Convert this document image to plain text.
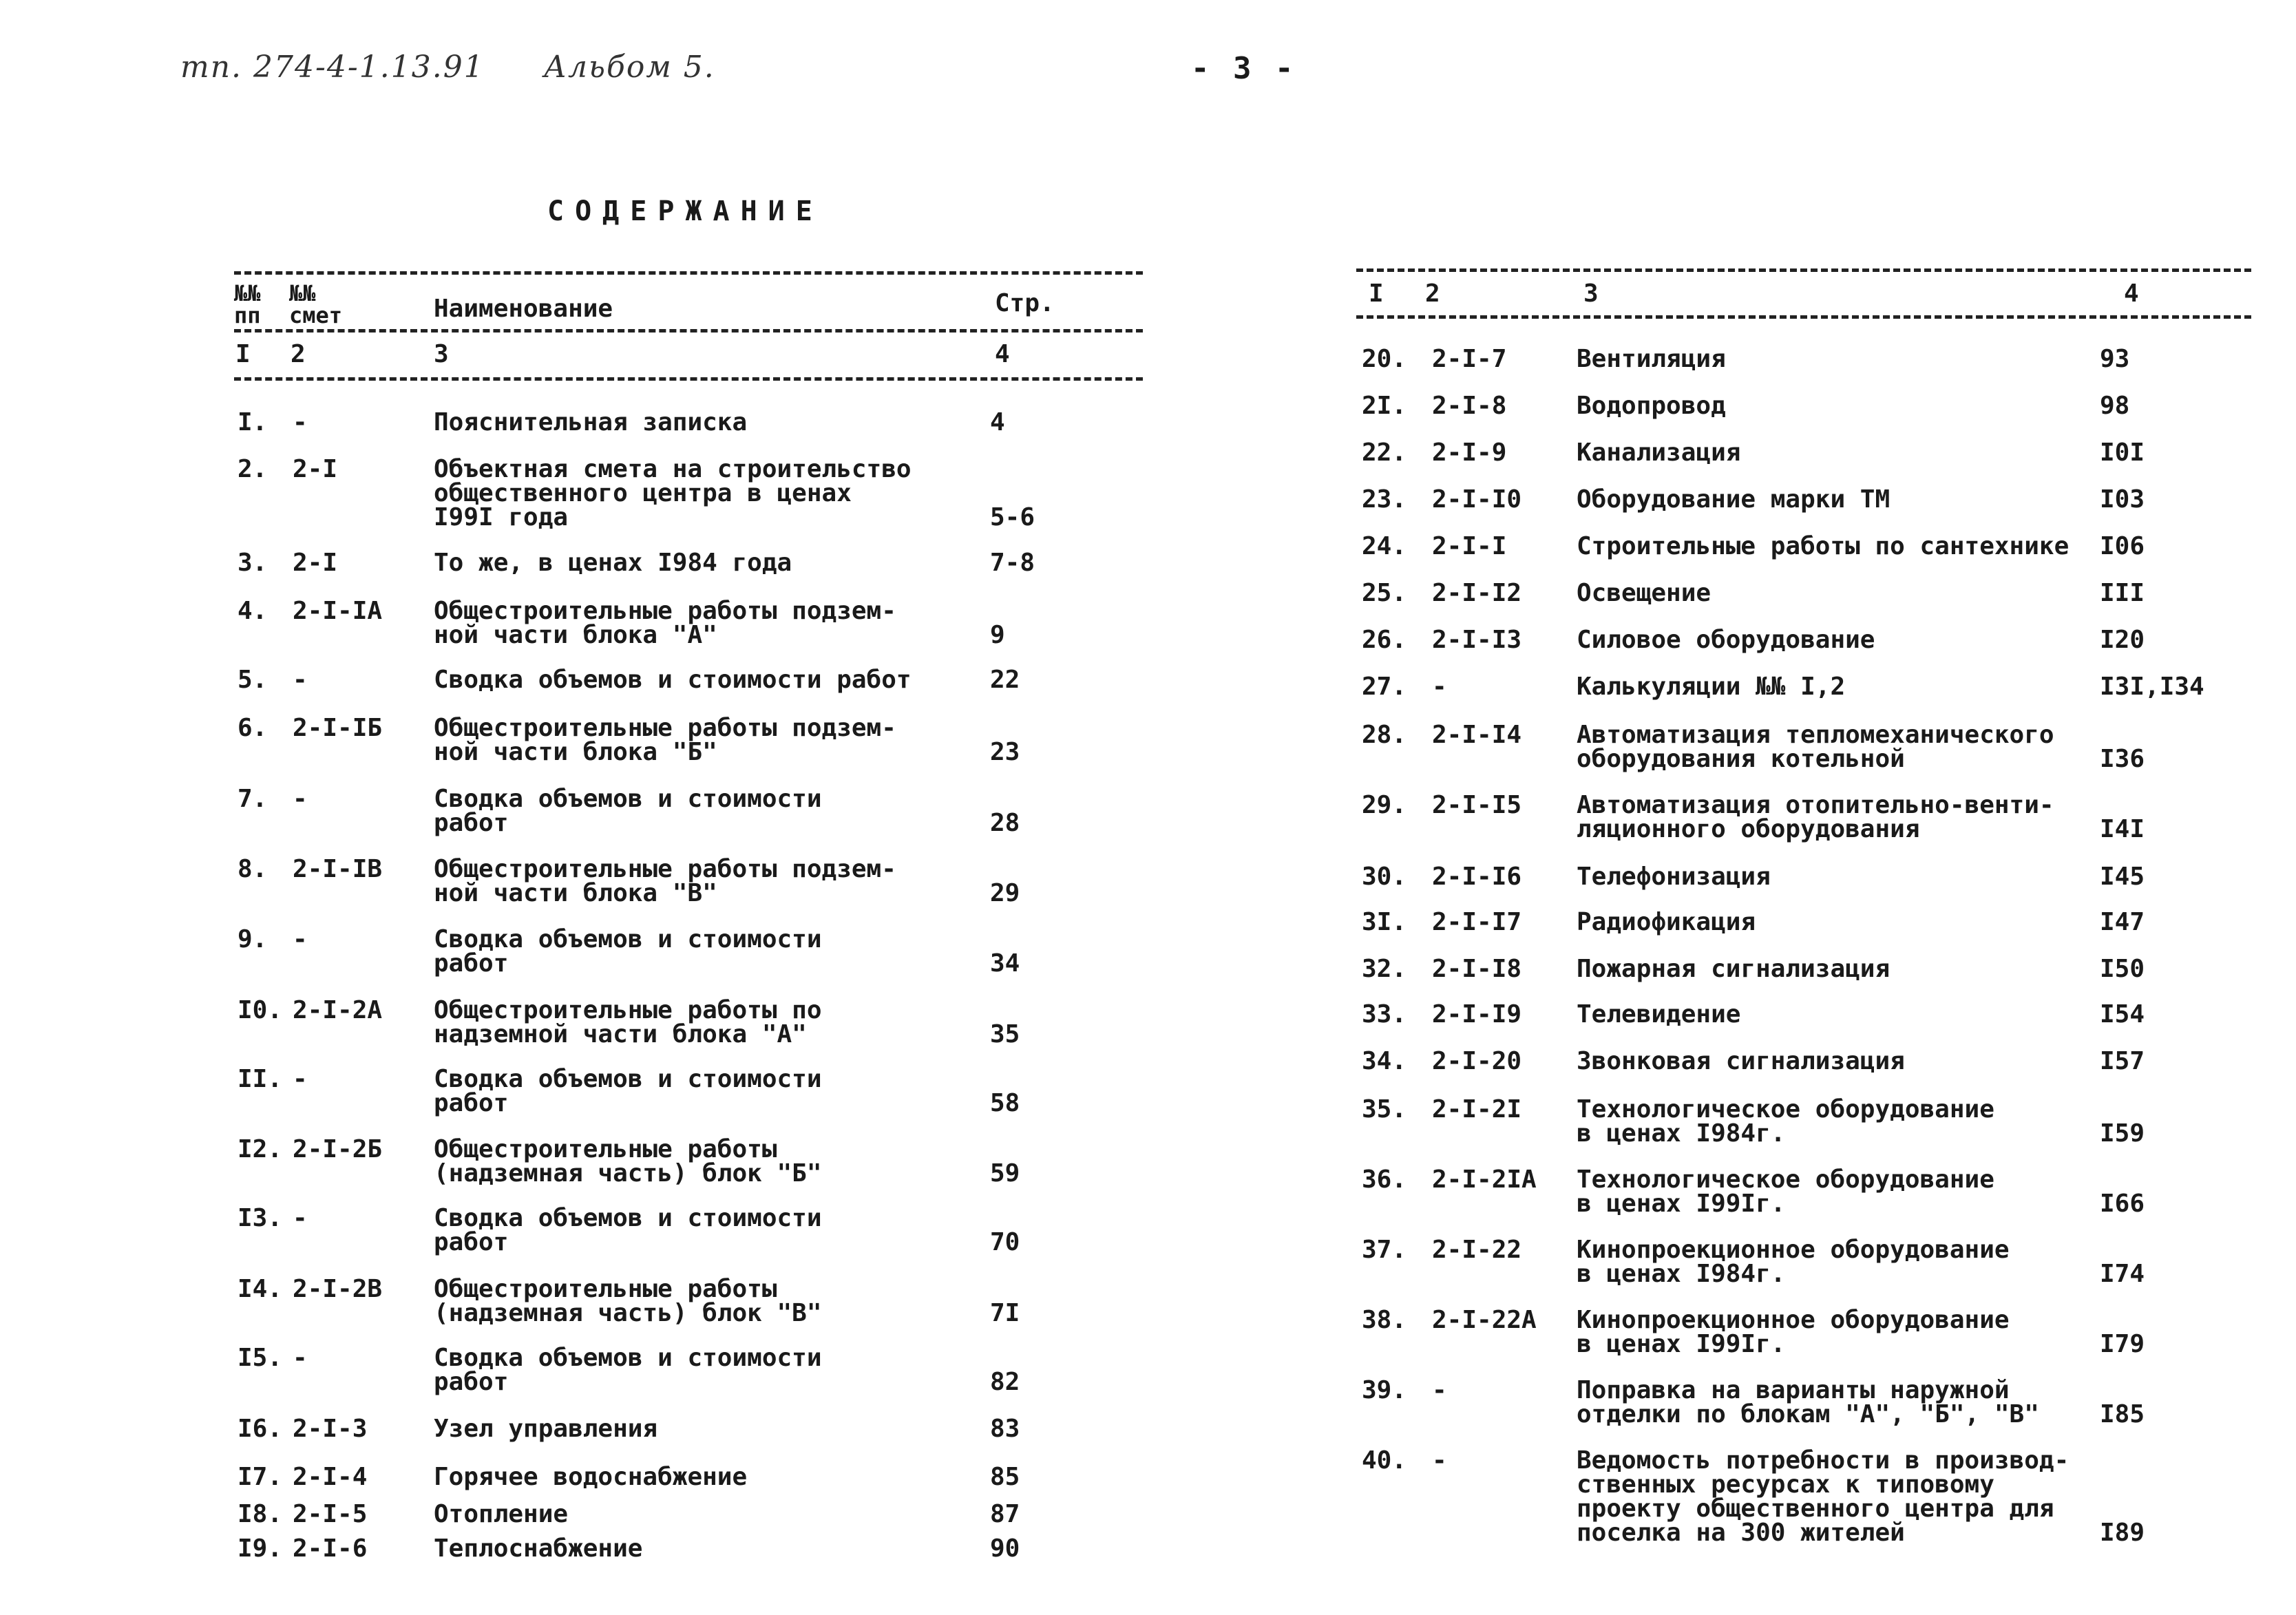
тп. 274-4-1.13.91 Альбом 5.	- 3 -
СОДЕРЖАНИЕ
№№
пп
№№
смет	Наименование	Стр.
I 2	3	4
I 2	3	4
I. -	Пояснительная записка	4
2. 2-I	Объектная смета на строительство
общественного центра в ценах
I99I года	5-6
3. 2-I	То же, в ценах I984 года	7-8
4. 2-I-IA Общестроительные работы подзем-
ной части блока "А"	9
5. -	Сводка объемов и стоимости работ	22
6. 2-I-IБ Общестроительные работы подзем-
ной части блока "Б"	23
7. -	Сводка объемов и стоимости
работ	28
8. 2-I-IB Общестроительные работы подзем-
ной части блока "В"	29
9. -	Сводка объемов и стоимости
работ	34
I0. 2-I-2A Общестроительные работы по
надземной части блока "А"	35
II. -	Сводка объемов и стоимости
работ	58
I2. 2-I-2Б Общестроительные работы
(надземная часть) блок "Б"	59
I3. -	Сводка объемов и стоимости
работ	70
I4. 2-I-2B Общестроительные работы
(надземная часть) блок "В"	7I
I5. -	Сводка объемов и стоимости
работ	82
I6. 2-I-3	Узел управления	83
I7. 2-I-4	Горячее водоснабжение	85
I8. 2-I-5	Отопление	87
I9. 2-I-6	Теплоснабжение	90
20. 2-I-7	Вентиляция	93
2I. 2-I-8	Водопровод	98
22. 2-I-9	Канализация	I0I
23. 2-I-I0 Оборудование марки ТМ	I03
24. 2-I-I	Строительные работы по сантехнике	I06
25. 2-I-I2 Освещение	III
26. 2-I-I3 Силовое оборудование	I20
27. -	Калькуляции №№ I,2	I3I,I34
28. 2-I-I4 Автоматизация тепломеханического
оборудования котельной	I36
29. 2-I-I5 Автоматизация отопительно-венти-
ляционного оборудования	I4I
30. 2-I-I6 Телефонизация	I45
3I. 2-I-I7 Радиофикация	I47
32. 2-I-I8 Пожарная сигнализация	I50
33. 2-I-I9 Телевидение	I54
34. 2-I-20 Звонковая сигнализация	I57
35. 2-I-2I Технологическое оборудование
в ценах I984г.	I59
36. 2-I-2IA Технологическое оборудование
в ценах I99Iг.	I66
37. 2-I-22 Кинопроекционное оборудование
в ценах I984г.	I74
38. 2-I-22A Кинопроекционное оборудование
в ценах I99Iг.	I79
39. -	Поправка на варианты наружной
отделки по блокам "А", "Б", "В"	I85
40. -	Ведомость потребности в производ-
ственных ресурсах к типовому
проекту общественного центра для
поселка на 300 жителей	I89
